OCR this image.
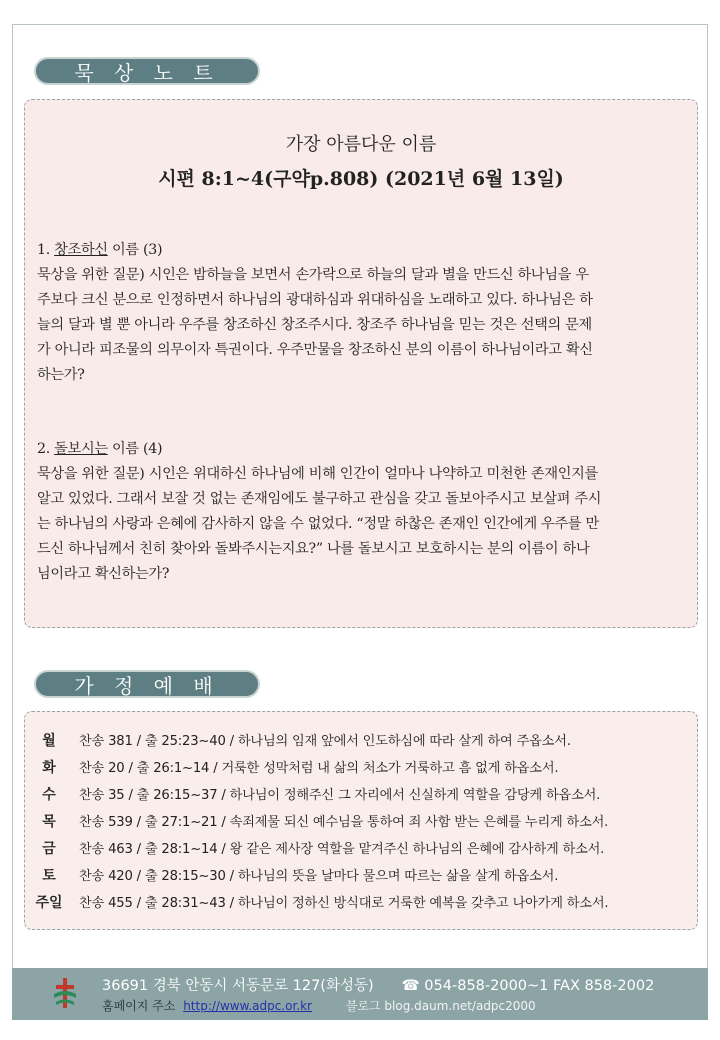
묵 상 노 트
가장 아름다운 이름
시편 8:1~4(구약p.808) (2021년 6월 13일)
1. 창조하신 이름 (3)
묵상을 위한 질문) 시인은 밤하늘을 보면서 손가락으로 하늘의 달과 별을 만드신 하나님을 우
주보다 크신 분으로 인정하면서 하나님의 광대하심과 위대하심을 노래하고 있다. 하나님은 하
늘의 달과 별 뿐 아니라 우주를 창조하신 창조주시다. 창조주 하나님을 믿는 것은 선택의 문제
가 아니라 피조물의 의무이자 특권이다. 우주만물을 창조하신 분의 이름이 하나님이라고 확신
하는가?
2. 돌보시는 이름 (4)
묵상을 위한 질문) 시인은 위대하신 하나님에 비해 인간이 얼마나 나약하고 미천한 존재인지를
알고 있었다. 그래서 보잘 것 없는 존재임에도 불구하고 관심을 갖고 돌보아주시고 보살펴 주시
는 하나님의 사랑과 은혜에 감사하지 않을 수 없었다. “정말 하찮은 존재인 인간에게 우주를 만
드신 하나님께서 친히 찾아와 돌봐주시는지요?” 나를 돌보시고 보호하시는 분의 이름이 하나
님이라고 확신하는가?
가 정 예 배
월	찬송 381 / 출 25:23~40 / 하나님의 임재 앞에서 인도하심에 따라 살게 하여 주옵소서.
화	찬송 20 / 출 26:1~14 / 거룩한 성막처럼 내 삶의 처소가 거룩하고 흠 없게 하옵소서.
수	찬송 35 / 출 26:15~37 / 하나님이 정해주신 그 자리에서 신실하게 역할을 감당케 하옵소서.
목	찬송 539 / 출 27:1~21 / 속죄제물 되신 예수님을 통하여 죄 사함 받는 은혜를 누리게 하소서.
금	찬송 463 / 출 28:1~14 / 왕 같은 제사장 역할을 맡겨주신 하나님의 은혜에 감사하게 하소서.
토	찬송 420 / 출 28:15~30 / 하나님의 뜻을 날마다 물으며 따르는 삶을 살게 하옵소서.
주일	찬송 455 / 출 28:31~43 / 하나님이 정하신 방식대로 거룩한 예복을 갖추고 나아가게 하소서.
36691 경북 안동시 서동문로 127(화성동) ☎ 054-858-2000~1 FAX 858-2002
홈페이지 주소 http://www.adpc.or.kr	블로그 blog.daum.net/adpc2000
